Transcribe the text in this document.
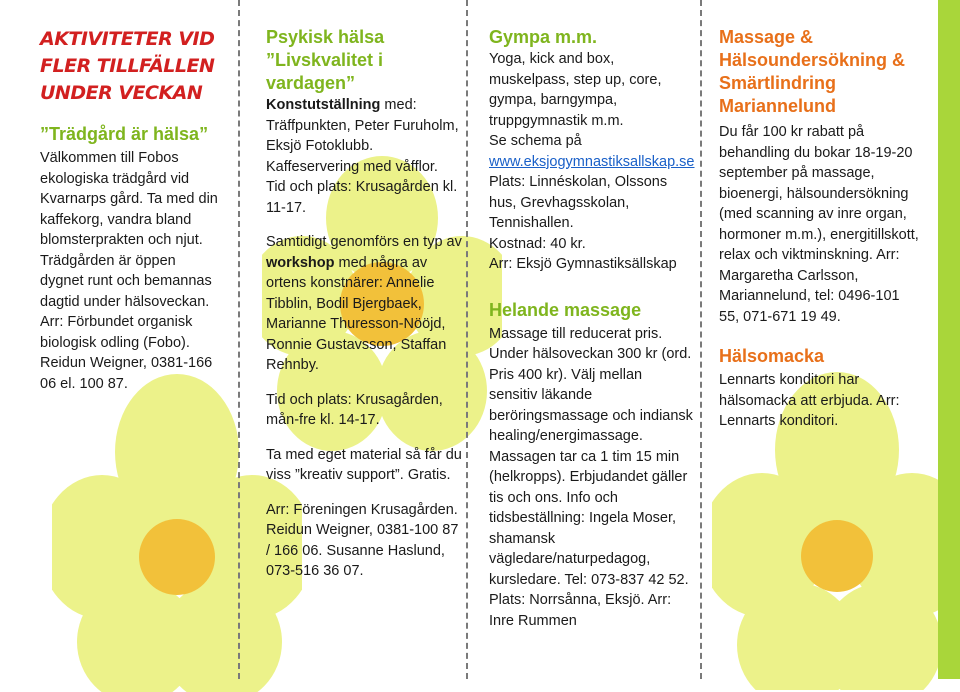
AKTIVITETER VID FLER TILLFÄLLEN UNDER VECKAN

”Trädgård är hälsa”

Välkommen till Fobos ekologiska trädgård vid Kvarnarps gård. Ta med din kaffekorg, vandra bland blomsterprakten och njut. Trädgården är öppen dygnet runt och bemannas dagtid under hälsoveckan. Arr: Förbundet organisk biologisk odling (Fobo). Reidun Weigner, 0381-166 06 el. 100 87.

Psykisk hälsa

”Livskvalitet i vardagen”

Konstutställning med: Träffpunkten, Peter Furuholm, Eksjö Fotoklubb.

Kaffeservering med våfflor.

Tid och plats: Krusagården kl. 11-17.

Samtidigt genomförs en typ av workshop med några av ortens konstnärer: Annelie Tibblin, Bodil Bjergbaek, Marianne Thuresson-Nööjd, Ronnie Gustavsson, Staffan Rehnby.

Tid och plats: Krusagården, mån-fre kl. 14-17.

Ta med eget material så får du viss ”kreativ support”. Gratis.

Arr: Föreningen Krusagården. Reidun Weigner, 0381-100 87 / 166 06. Susanne Haslund, 073-516 36 07.

Gympa m.m.

Yoga, kick and box, muskelpass, step up, core, gympa, barngympa, truppgymnastik m.m.

Se schema på

www.eksjogymnastiksallskap.se

Plats: Linnéskolan, Olssons hus, Grevhagsskolan, Tennishallen.

Kostnad: 40 kr.

Arr: Eksjö Gymnastiksällskap

Helande massage

Massage till reducerat pris. Under hälsoveckan 300 kr (ord. Pris 400 kr). Välj mellan sensitiv läkande beröringsmassage och indiansk healing/energimassage. Massagen tar ca 1 tim 15 min (helkropps). Erbjudandet gäller tis och ons. Info och tidsbeställning: Ingela Moser, shamansk vägledare/naturpedagog, kursledare. Tel: 073-837 42 52. Plats: Norrsånna, Eksjö. Arr: Inre Rummen

Massage & Hälsoundersökning & Smärtlindring Mariannelund

Du får 100 kr rabatt på behandling du bokar 18-19-20 september på massage, bioenergi, hälsoundersökning (med scanning av inre organ, hormoner m.m.), energitillskott, relax och viktminskning. Arr: Margaretha Carlsson, Mariannelund, tel: 0496-101 55, 071-671 19 49.

Hälsomacka

Lennarts konditori har hälsomacka att erbjuda. Arr: Lennarts konditori.
